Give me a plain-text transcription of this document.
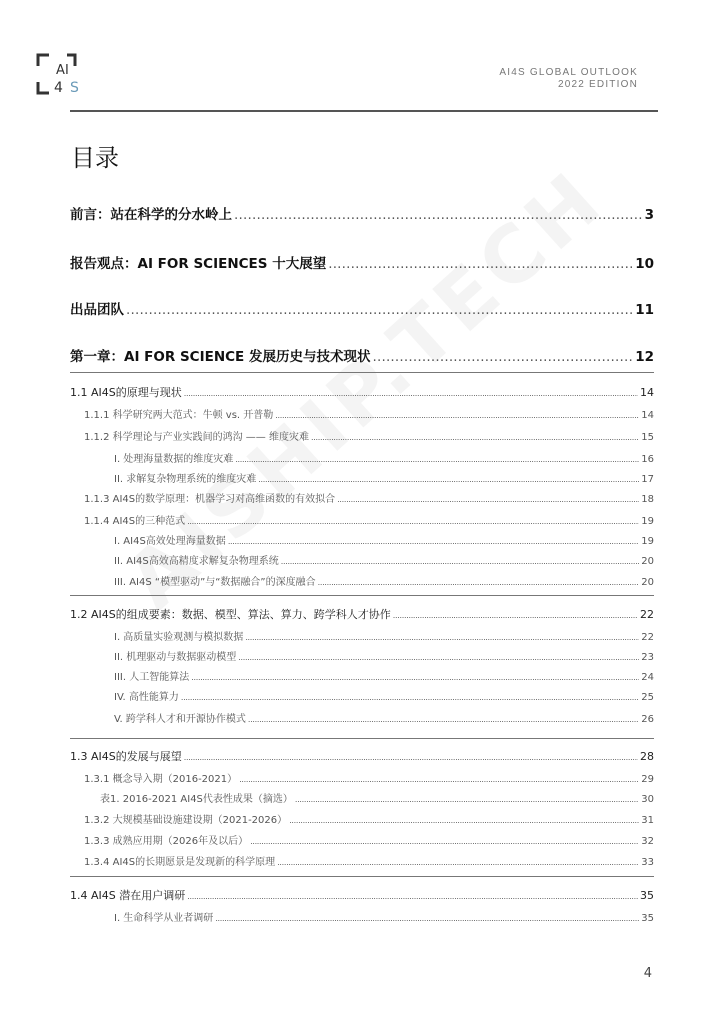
A I
4 S
AI4S GLOBAL OUTLOOK
2022 EDITION
目录
前言：站在科学的分水岭上 .....	3
报告观点：AI FOR SCIENCES 十大展望 .....	10
出品团队 .....	11
第一章：AI FOR SCIENCE 发展历史与技术现状 .....	12
1.1 AI4S的原理与现状 .....	14
1.1.1 科学研究两大范式：牛顿 vs. 开普勒 .....	14
1.1.2 科学理论与产业实践间的鸿沟 —— 维度灾难 .....	15
I. 处理海量数据的维度灾难 .....	16
II. 求解复杂物理系统的维度灾难 .....	17
1.1.3 AI4S的数学原理：机器学习对高维函数的有效拟合 .....	18
1.1.4 AI4S的三种范式 .....	19
I. AI4S高效处理海量数据 .....	19
II. AI4S高效高精度求解复杂物理系统 .....	20
III. AI4S “模型驱动”与“数据融合”的深度融合 .....	20
1.2 AI4S的组成要素：数据、模型、算法、算力、跨学科人才协作 .....	22
I. 高质量实验观测与模拟数据 .....	22
II. 机理驱动与数据驱动模型 .....	23
III. 人工智能算法 .....	24
IV. 高性能算力 .....	25
V. 跨学科人才和开源协作模式 .....	26
1.3 AI4S的发展与展望 .....	28
1.3.1 概念导入期（2016-2021） .....	29
表1. 2016-2021 AI4S代表性成果（摘选） .....	30
1.3.2 大规模基础设施建设期（2021-2026） .....	31
1.3.3 成熟应用期（2026年及以后） .....	32
1.3.4 AI4S的长期愿景是发现新的科学原理 .....	33
1.4 AI4S 潜在用户调研 .....	35
I. 生命科学从业者调研 .....	35
4
